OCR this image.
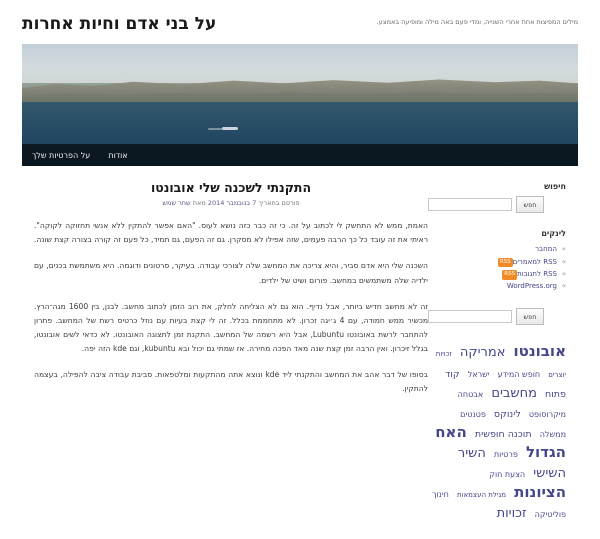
על בני אדם וחיות אחרות	מילים המפיצות אחת אחרי השנייה, ומדי פעם באה מילה ומופיעה באמצע.
על הפרטיות שלך אודות
התקנתי לשכנה שלי אובונטו
פורסם בתאריך 7 בנובמבר 2014 מאת שחר שמש

האמת, ממש לא התחשק לי לכתוב על זה. כי זה כבר כזה נושא לעוס. "האם אפשר להתקין ללא אנשי תחזוקה לקוקה". ראיתי את זה עובד כל כך הרבה פעמים, שזה אפילו לא מסקרן. גם זה הפעם, גם תמיד, כל פעם זה קורה בצורה קצת שונה.

השכנה שלי היא אדם סביר, והיא צריכה את המחשב שלה לצורכי עבודה. בעיקר, סרטונים ודוגמה. היא משתמשת בכנים, עם ילדיה שלה משתמשים במחשב. פורום ושיט של ילדים.

זה לא מחשב חדיש ביותר, אבל נדיף. הוא גם לא הצליחה לחלק, את רוב הזמן לכתוב מחשב. לבנן, בין 1600 מגה־הרץ. מכשיר ממש חמודה, עם 4 ג׳יגה זכרון. לא מתחממת בכלל. זה לי קצת בעיות עם נוזל כרטיס רשת של המחשב. פתרון להתחבר לרשת באובונטו Lubuntu, אבל היא רשמה של המחשב. התקנת זמן לתצוגה האובונטו. לא כדאי לשים אובונטו, בגלל זיכרון. ואין הרבה זמן קצת שנה מאד הפכה מחירה. אז שמתי גם יכול ובא kubuntu, וגם kde הזה יפה.

בסופו של דבר אהב את המחשב והתקנתי ליד kde ונוצא אתה מהתקעות ומלטפאות. סביבת עבודה ציבה להפילה, בעצמה להתקין.

חיפוש
חפש
לינקים
» המחבר
» RSS למאמריםRSS
» RSS לתגובותRSS
» WordPress.org
חפש
אובונטו אמריקה זכויות יוצרים חופש המידע ישראל קוד פתוח מחשבים אבטחה מיקרוסופט לינוקס פטנטים ממשלה תוכנה חופשית האח הגדול פרטיות השיר השישי הצעת חוק הציונות מגילת העצמאות חינוך פוליטיקה זכויות
